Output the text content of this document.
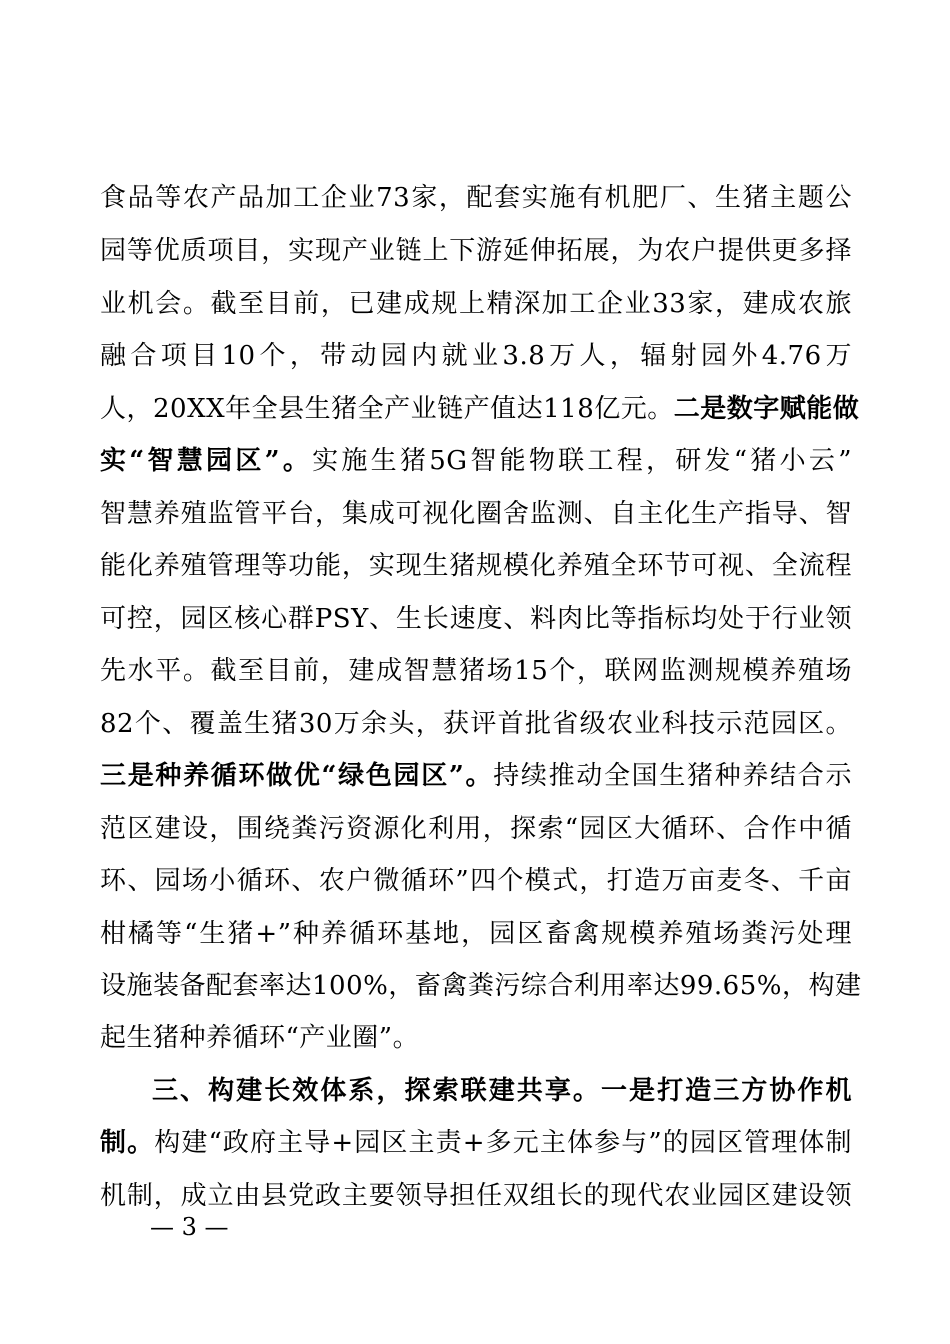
食品等农产品加工企业73家，配套实施有机肥厂、生猪主题公
园等优质项目，实现产业链上下游延伸拓展，为农户提供更多择
业机会。截至目前，已建成规上精深加工企业33家，建成农旅
融合项目10个，带动园内就业3.8万人，辐射园外4.76万
人，20XX年全县生猪全产业链产值达118亿元。二是数字赋能做
实“智慧园区”。实施生猪5G智能物联工程，研发“猪小云”
智慧养殖监管平台，集成可视化圈舍监测、自主化生产指导、智
能化养殖管理等功能，实现生猪规模化养殖全环节可视、全流程
可控，园区核心群PSY、生长速度、料肉比等指标均处于行业领
先水平。截至目前，建成智慧猪场15个，联网监测规模养殖场
82个、覆盖生猪30万余头，获评首批省级农业科技示范园区。
三是种养循环做优“绿色园区”。持续推动全国生猪种养结合示
范区建设，围绕粪污资源化利用，探索“园区大循环、合作中循
环、园场小循环、农户微循环”四个模式，打造万亩麦冬、千亩
柑橘等“生猪+”种养循环基地，园区畜禽规模养殖场粪污处理
设施装备配套率达100%，畜禽粪污综合利用率达99.65%，构建
起生猪种养循环“产业圈”。
三、构建长效体系，探索联建共享。一是打造三方协作机
制。构建“政府主导+园区主责+多元主体参与”的园区管理体制
机制，成立由县党政主要领导担任双组长的现代农业园区建设领
— 3 —
